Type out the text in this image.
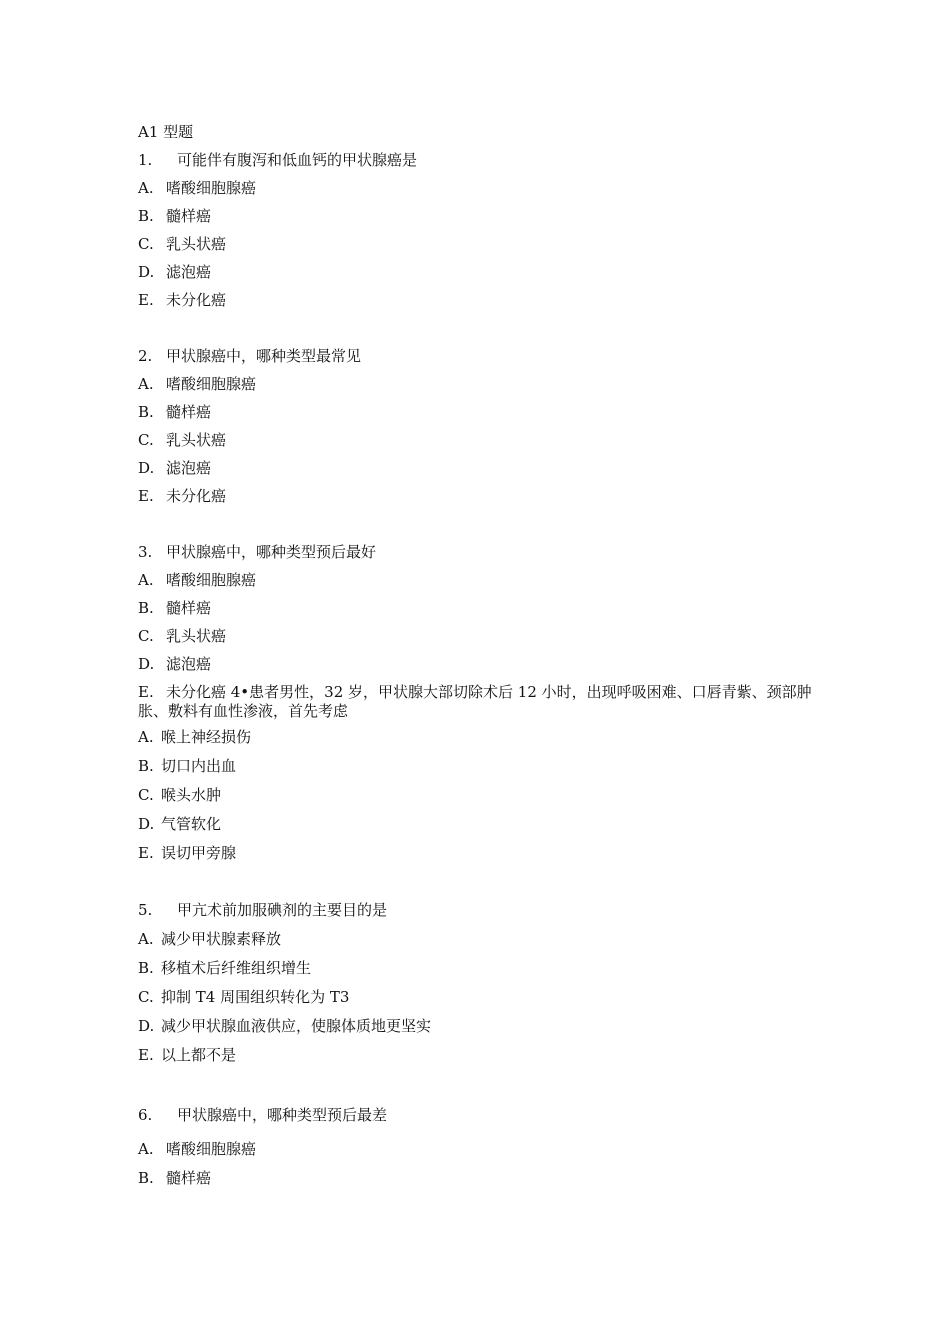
A1 型题

1. 可能伴有腹泻和低血钙的甲状腺癌是

A. 嗜酸细胞腺癌

B. 髓样癌

C. 乳头状癌

D. 滤泡癌

E. 未分化癌

2. 甲状腺癌中，哪种类型最常见

A. 嗜酸细胞腺癌

B. 髓样癌

C. 乳头状癌

D. 滤泡癌

E. 未分化癌

3. 甲状腺癌中，哪种类型预后最好

A. 嗜酸细胞腺癌

B. 髓样癌

C. 乳头状癌

D. 滤泡癌

E. 未分化癌 4•患者男性，32 岁，甲状腺大部切除术后 12 小时，出现呼吸困难、口唇青紫、颈部肿胀、敷料有血性渗液，首先考虑

A. 喉上神经损伤

B. 切口内出血

C. 喉头水肿

D. 气管软化

E. 误切甲旁腺

5. 甲亢术前加服碘剂的主要目的是

A. 减少甲状腺素释放

B. 移植术后纤维组织增生

C. 抑制 T4 周围组织转化为 T3

D. 减少甲状腺血液供应，使腺体质地更坚实

E. 以上都不是

6. 甲状腺癌中，哪种类型预后最差

A. 嗜酸细胞腺癌

B. 髓样癌
